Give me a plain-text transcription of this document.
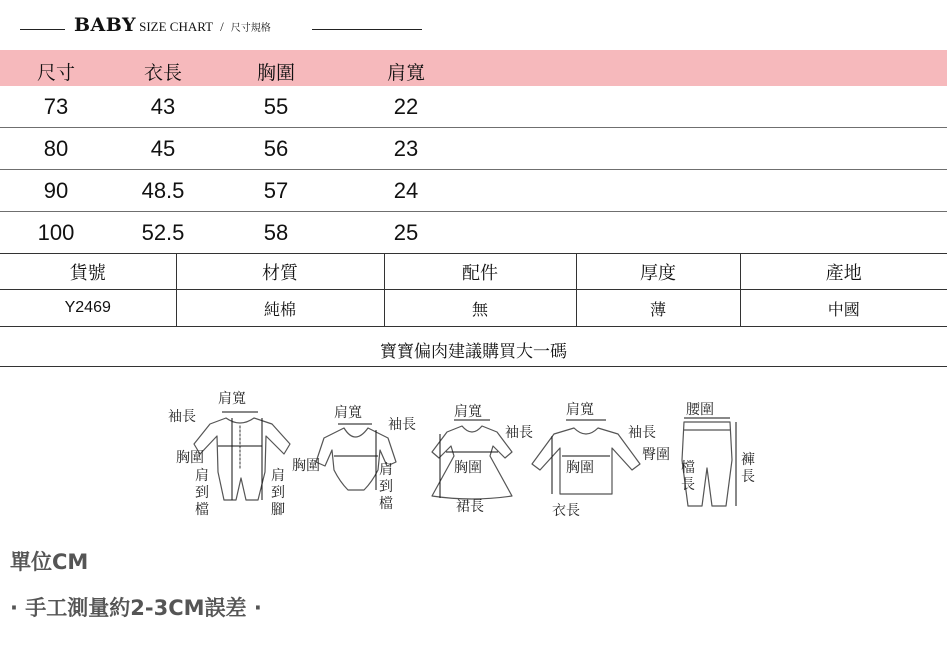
BABY SIZE CHART / 尺寸規格
尺寸	衣長	胸圍	肩寬
73	43	55	22
80	45	56	23
90	48.5	57	24
100	52.5	58	25
貨號	材質	配件	厚度	產地
Y2469	純棉	無	薄	中國
寶寶偏肉建議購買大一碼
肩寬
袖長
胸圍
肩到檔
肩到腳
肩寬
袖長
胸圍	肩到檔
肩寬
袖長
胸圍
裙長
肩寬
袖長
胸圍
衣長
腰圍
臀圍
檔長
褲長
單位CM
· 手工測量約2-3CM誤差 ·
